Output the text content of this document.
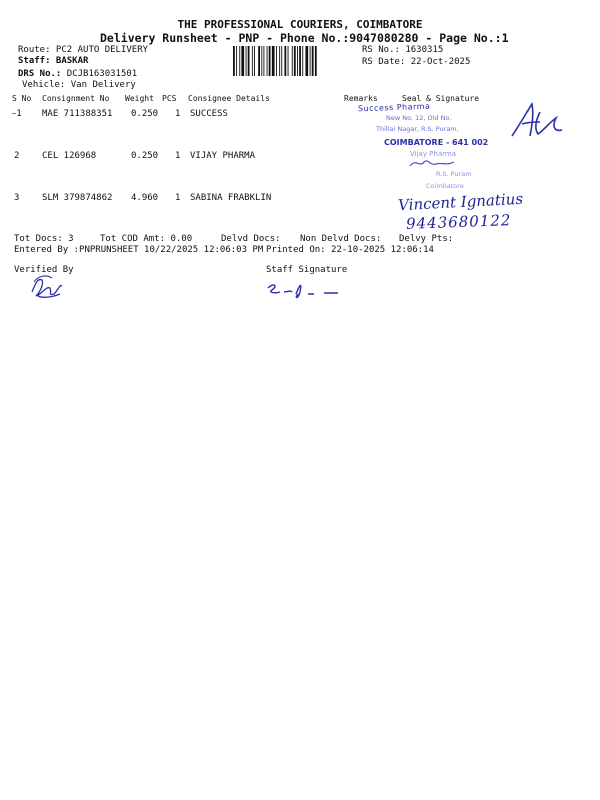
THE PROFESSIONAL COURIERS, COIMBATORE
Delivery Runsheet - PNP - Phone No.:9047080280 - Page No.:1
Route: PC2 AUTO DELIVERY
Staff: BASKAR
DRS No.: DCJB163031501
Vehicle: Van Delivery
RS No.: 1630315
RS Date: 22-Oct-2025
S No Consignment No Weight PCS Consignee Details	Remarks	Seal & Signature
~1 MAE 711388351 0.250 1 SUCCESS
2	CEL 126968	0.250 1 VIJAY PHARMA
3	SLM 379874862 4.960 1 SABINA FRABKLIN
Success Pharma
New No. 12, Old No.
Thillai Nagar, R.S. Puram,
COIMBATORE - 641 002
Vijay Pharma
R.S. Puram
Coimbatore
Vincent Ignatius
9443680122
Tot Docs: 3	Tot COD Amt: 0.00	Delvd Docs: Non Delvd Docs: Delvy Pts:
Entered By :PNPRUNSHEET 10/22/2025 12:06:03 PM Printed On: 22-10-2025 12:06:14
Verified By	Staff Signature
